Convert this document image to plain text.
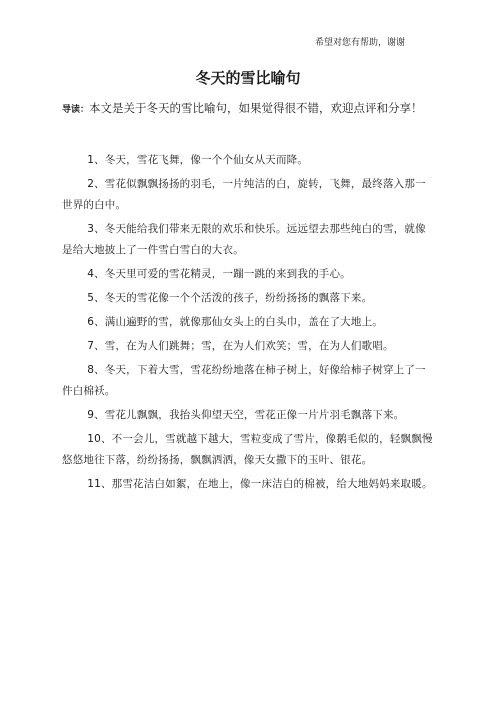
希望对您有帮助，谢谢
冬天的雪比喻句
导读：本文是关于冬天的雪比喻句，如果觉得很不错，欢迎点评和分享！
1、冬天，雪花飞舞，像一个个仙女从天而降。
2、雪花似飘飘扬扬的羽毛，一片纯洁的白，旋转，飞舞，最终落入那一世界的白中。
3、冬天能给我们带来无限的欢乐和快乐。远远望去那些纯白的雪，就像是给大地披上了一件雪白雪白的大衣。
4、冬天里可爱的雪花精灵，一蹦一跳的来到我的手心。
5、冬天的雪花像一个个活泼的孩子，纷纷扬扬的飘落下来。
6、满山遍野的雪，就像那仙女头上的白头巾，盖在了大地上。
7、雪，在为人们跳舞；雪，在为人们欢笑；雪，在为人们歌唱。
8、冬天，下着大雪，雪花纷纷地落在柿子树上，好像给柿子树穿上了一件白棉袄。
9、雪花儿飘飘，我抬头仰望天空，雪花正像一片片羽毛飘落下来。
10、不一会儿，雪就越下越大，雪粒变成了雪片，像鹅毛似的，轻飘飘慢悠悠地往下落，纷纷扬扬，飘飘洒洒，像天女撒下的玉叶、银花。
11、那雪花洁白如絮，在地上，像一床洁白的棉被，给大地妈妈来取暖。
